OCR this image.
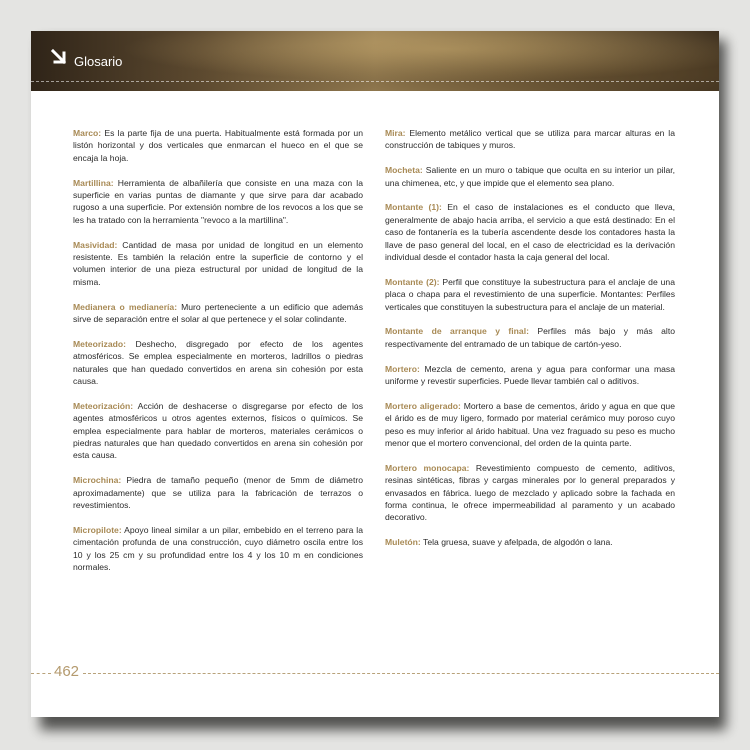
Glosario

Marco: Es la parte fija de una puerta. Habitualmente está formada por un listón horizontal y dos verticales que enmarcan el hueco en el que se encaja la hoja.

Martillina: Herramienta de albañilería que consiste en una maza con la superficie en varias puntas de diamante y que sirve para dar acabado rugoso a una superficie. Por extensión nombre de los revocos a los que se les ha tratado con la herramienta "revoco a la martillina".

Masividad: Cantidad de masa por unidad de longitud en un elemento resistente. Es también la relación entre la superficie de contorno y el volumen interior de una pieza estructural por unidad de longitud de la misma.

Medianera o medianería: Muro perteneciente a un edificio que además sirve de separación entre el solar al que pertenece y el solar colindante.

Meteorizado: Deshecho, disgregado por efecto de los agentes atmosféricos. Se emplea especialmente en morteros, ladrillos o piedras naturales que han quedado convertidos en arena sin cohesión por esta causa.

Meteorización: Acción de deshacerse o disgregarse por efecto de los agentes atmosféricos u otros agentes externos, físicos o químicos. Se emplea especialmente para hablar de morteros, materiales cerámicos o piedras naturales que han quedado convertidos en arena sin cohesión por esta causa.

Microchina: Piedra de tamaño pequeño (menor de 5mm de diámetro aproximadamente) que se utiliza para la fabricación de terrazos o revestimientos.

Micropilote: Apoyo lineal similar a un pilar, embebido en el terreno para la cimentación profunda de una construcción, cuyo diámetro oscila entre los 10 y los 25 cm y su profundidad entre los 4 y los 10 m en condiciones normales.

Mira: Elemento metálico vertical que se utiliza para marcar alturas en la construcción de tabiques y muros.

Mocheta: Saliente en un muro o tabique que oculta en su interior un pilar, una chimenea, etc, y que impide que el elemento sea plano.

Montante (1): En el caso de instalaciones es el conducto que lleva, generalmente de abajo hacia arriba, el servicio a que está destinado: En el caso de fontanería es la tubería ascendente desde los contadores hasta la llave de paso general del local, en el caso de electricidad es la derivación individual desde el contador hasta la caja general del local.

Montante (2): Perfil que constituye la subestructura para el anclaje de una placa o chapa para el revestimiento de una superficie. Montantes: Perfiles verticales que constituyen la subestructura para el anclaje de un material.

Montante de arranque y final: Perfiles más bajo y más alto respectivamente del entramado de un tabique de cartón-yeso.

Mortero: Mezcla de cemento, arena y agua para conformar una masa uniforme y revestir superficies. Puede llevar también cal o aditivos.

Mortero aligerado: Mortero a base de cementos, árido y agua en que que el árido es de muy ligero, formado por material cerámico muy poroso cuyo peso es muy inferior al árido habitual. Una vez fraguado su peso es mucho menor que el mortero convencional, del orden de la quinta parte.

Mortero monocapa: Revestimiento compuesto de cemento, aditivos, resinas sintéticas, fibras y cargas minerales por lo general preparados y envasados en fábrica. luego de mezclado y aplicado sobre la fachada en forma continua, le ofrece impermeabilidad al paramento y un acabado decorativo.

Muletón: Tela gruesa, suave y afelpada, de algodón o lana.

462
